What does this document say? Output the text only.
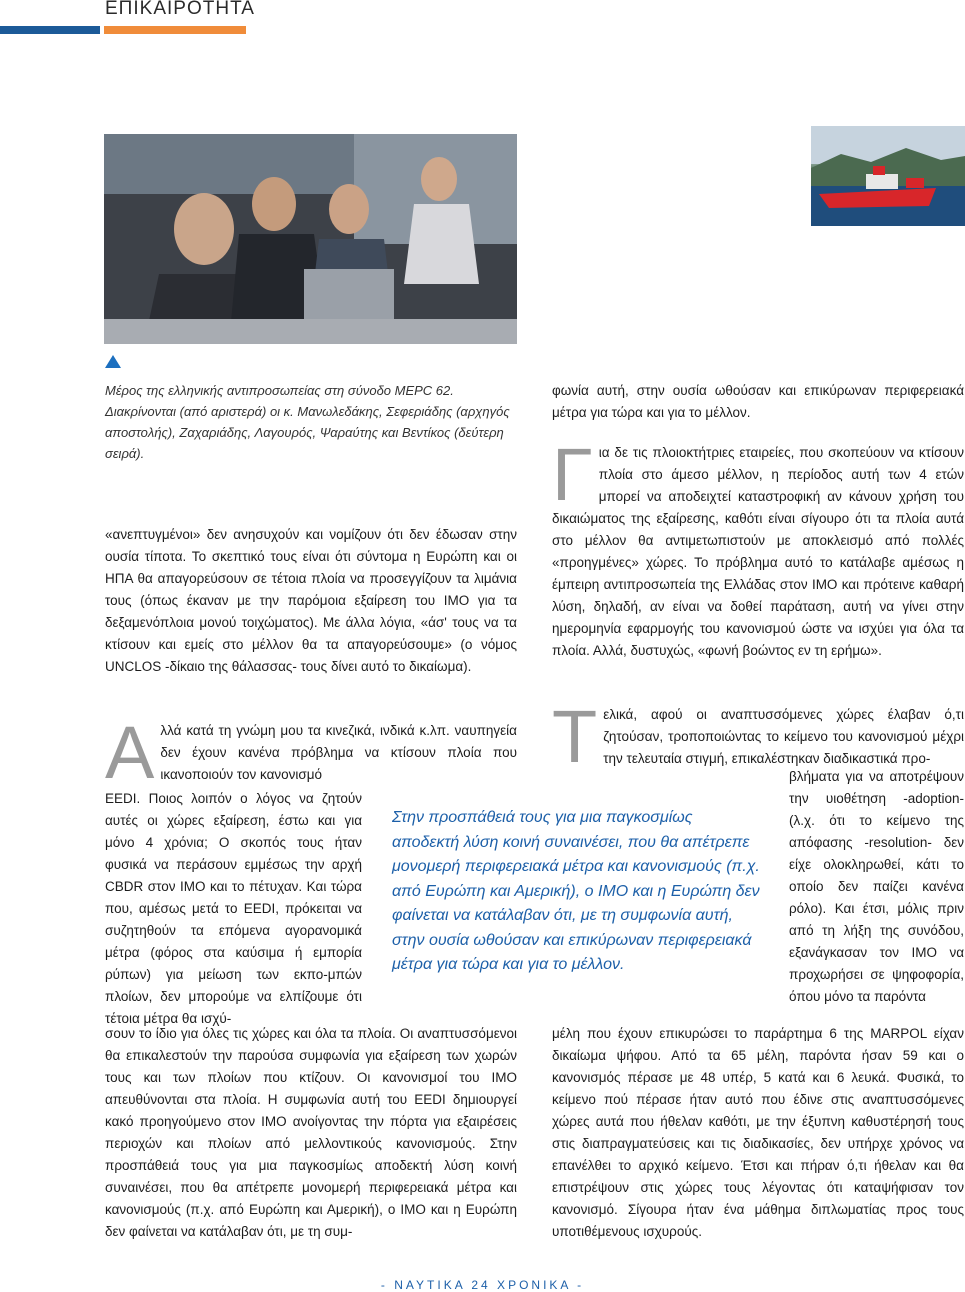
ΕΠΙΚΑΙΡΟΤΗΤΑ
Μέρος της ελληνικής αντιπροσωπείας στη σύνοδο MEPC 62. Διακρίνονται (από αριστερά) οι κ. Μανωλεδάκης, Σεφεριάδης (αρχηγός αποστολής), Ζαχαριάδης, Λαγουρός, Ψαραύτης και Βεντίκος (δεύτερη σειρά).

«ανεπτυγμένοι» δεν ανησυχούν και νομίζουν ότι δεν έδωσαν στην ουσία τίποτα. Το σκεπτικό τους είναι ότι σύντομα η Ευρώπη και οι ΗΠΑ θα απαγορεύσουν σε τέτοια πλοία να προσεγγίζουν τα λιμάνια τους (όπως έκαναν με την παρόμοια εξαίρεση του ΙΜΟ για τα δεξαμενόπλοια μονού τοιχώματος). Με άλλα λόγια, «άσ' τους να τα κτίσουν και εμείς στο μέλλον θα τα απαγορεύσουμε» (ο νόμος UNCLOS -δίκαιο της θάλασσας- τους δίνει αυτό το δικαίωμα).

Α λλά κατά τη γνώμη μου τα κινεζικά, ινδικά κ.λπ. ναυπηγεία δεν έχουν κανένα πρόβλημα να κτίσουν πλοία που ικανοποιούν τον κανονισμό

EEDI. Ποιος λοιπόν ο λόγος να ζητούν αυτές οι χώρες εξαίρεση, έστω και για μόνο 4 χρόνια; Ο σκοπός τους ήταν φυσικά να περάσουν εμμέσως την αρχή CBDR στον ΙΜΟ και το πέτυχαν. Και τώρα που, αμέσως μετά το EEDI, πρόκειται να συζητηθούν τα επόμενα αγορανομικά μέτρα (φόρος στα καύσιμα ή εμπορία ρύπων) για μείωση των εκπο-μπών πλοίων, δεν μπορούμε να ελπίζουμε ότι τέτοια μέτρα θα ισχύ-

σουν το ίδιο για όλες τις χώρες και όλα τα πλοία. Οι αναπτυσσόμενοι θα επικαλεστούν την παρούσα συμφωνία για εξαίρεση των χωρών τους και των πλοίων που κτίζουν. Οι κανονισμοί του ΙΜΟ απευθύνονται στα πλοία. Η συμφωνία αυτή του EEDI δημιουργεί κακό προηγούμενο στον ΙΜΟ ανοίγοντας την πόρτα για εξαιρέσεις περιοχών και πλοίων από μελλοντικούς κανονισμούς. Στην προσπάθειά τους για μια παγκοσμίως αποδεκτή λύση κοινή συναινέσει, που θα απέτρεπε μονομερή περιφερειακά μέτρα και κανονισμούς (π.χ. από Ευρώπη και Αμερική), ο ΙΜΟ και η Ευρώπη δεν φαίνεται να κατάλαβαν ότι, με τη συμ-

φωνία αυτή, στην ουσία ωθούσαν και επικύρωναν περιφερειακά μέτρα για τώρα και για το μέλλον.

Γ ια δε τις πλοιοκτήτριες εταιρείες, που σκοπεύουν να κτίσουν πλοία στο άμεσο μέλλον, η περίοδος αυτή των 4 ετών μπορεί να αποδειχτεί καταστροφική αν κάνουν χρήση του δικαιώματος της εξαίρεσης, καθότι είναι σίγουρο ότι τα πλοία αυτά στο μέλλον θα αντιμετωπιστούν με αποκλεισμό από πολλές «προηγμένες» χώρες. Το πρόβλημα αυτό το κατάλαβε αμέσως η έμπειρη αντιπροσωπεία της Ελλάδας στον ΙΜΟ και πρότεινε καθαρή λύση, δηλαδή, αν είναι να δοθεί παράταση, αυτή να γίνει στην ημερομηνία εφαρμογής του κανονισμού ώστε να ισχύει για όλα τα πλοία. Αλλά, δυστυχώς, «φωνή βοώντος εν τη ερήμω».
Τ ελικά, αφού οι αναπτυσσόμενες χώρες έλαβαν ό,τι ζητούσαν, τροποποιώντας το κείμενο του κανονισμού μέχρι την τελευταία στιγμή, επικαλέστηκαν διαδικαστικά προ-

βλήματα για να αποτρέψουν την υιοθέτηση -adoption- (λ.χ. ότι το κείμενο της απόφασης -resolution- δεν είχε ολοκληρωθεί, κάτι το οποίο δεν παίζει κανένα ρόλο). Και έτσι, μόλις πριν από τη λήξη της συνόδου, εξανάγκασαν τον ΙΜΟ να προχωρήσει σε ψηφοφορία, όπου μόνο τα παρόντα

μέλη που έχουν επικυρώσει το παράρτημα 6 της MARPOL είχαν δικαίωμα ψήφου. Από τα 65 μέλη, παρόντα ήσαν 59 και ο κανονισμός πέρασε με 48 υπέρ, 5 κατά και 6 λευκά. Φυσικά, το κείμενο πού πέρασε ήταν αυτό που έδινε στις αναπτυσσόμενες χώρες αυτά που ήθελαν καθότι, με την έξυπνη καθυστέρησή τους στις διαπραγματεύσεις και τις διαδικασίες, δεν υπήρχε χρόνος να επανέλθει το αρχικό κείμενο. Έτσι και πήραν ό,τι ήθελαν και θα επιστρέψουν στις χώρες τους λέγοντας ότι καταψήφισαν τον κανονισμό. Σίγουρα ήταν ένα μάθημα διπλωματίας προς τους υποτιθέμενους ισχυρούς.

Στην προσπάθειά τους για μια παγκοσμίως αποδεκτή λύση κοινή συναινέσει, που θα απέτρεπε μονομερή περιφερειακά μέτρα και κανονισμούς (π.χ. από Ευρώπη και Αμερική), ο ΙΜΟ και η Ευρώπη δεν φαίνεται να κατάλαβαν ότι, με τη συμφωνία αυτή, στην ουσία ωθούσαν και επικύρωναν περιφερειακά μέτρα για τώρα και για το μέλλον.
- ΝΑΥΤΙΚΑ 24 ΧΡΟΝΙΚΑ -
